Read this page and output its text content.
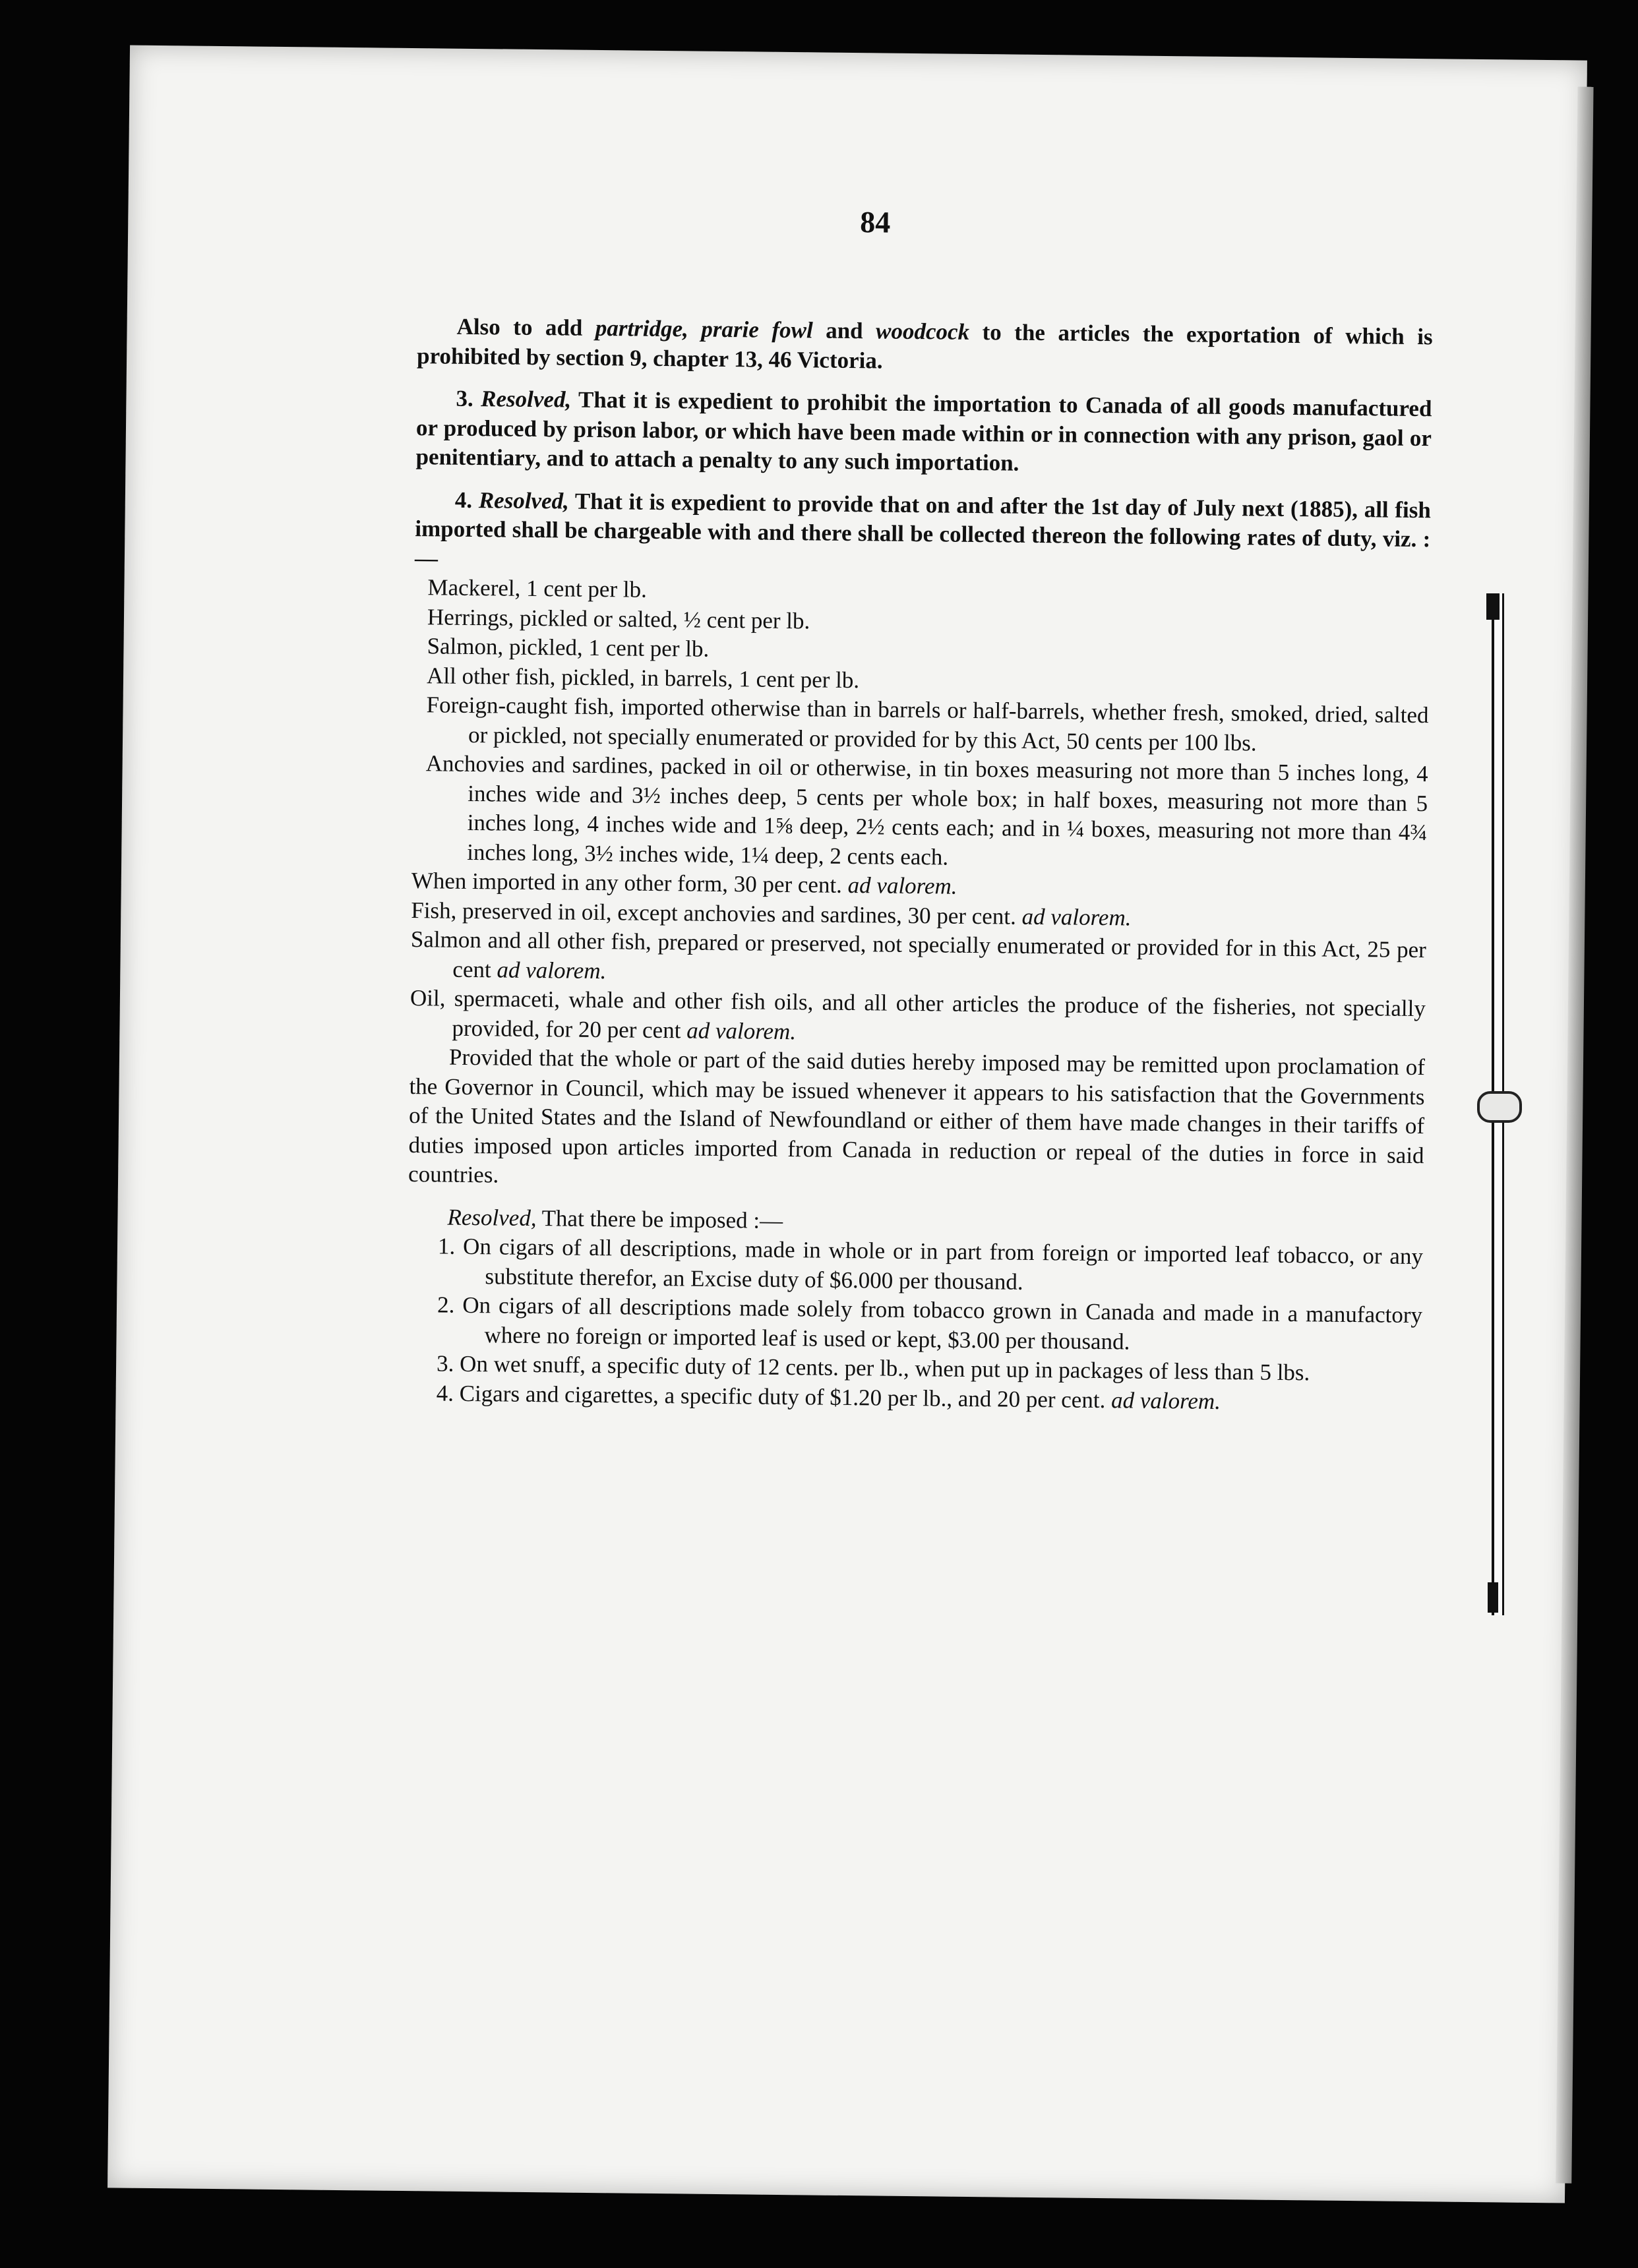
84

Also to add partridge, prarie fowl and woodcock to the articles the exportation of which is prohibited by section 9, chapter 13, 46 Victoria.

3. Resolved, That it is expedient to prohibit the importation to Canada of all goods manufactured or produced by prison labor, or which have been made within or in connection with any prison, gaol or penitentiary, and to attach a penalty to any such importation.

4. Resolved, That it is expedient to provide that on and after the 1st day of July next (1885), all fish imported shall be chargeable with and there shall be collected thereon the following rates of duty, viz. :—

Mackerel, 1 cent per lb.

Herrings, pickled or salted, ½ cent per lb.

Salmon, pickled, 1 cent per lb.

All other fish, pickled, in barrels, 1 cent per lb.

Foreign-caught fish, imported otherwise than in barrels or half-barrels, whether fresh, smoked, dried, salted or pickled, not specially enumerated or provided for by this Act, 50 cents per 100 lbs.

Anchovies and sardines, packed in oil or otherwise, in tin boxes measuring not more than 5 inches long, 4 inches wide and 3½ inches deep, 5 cents per whole box; in half boxes, measuring not more than 5 inches long, 4 inches wide and 1⅝ deep, 2½ cents each; and in ¼ boxes, measuring not more than 4¾ inches long, 3½ inches wide, 1¼ deep, 2 cents each.

When imported in any other form, 30 per cent. ad valorem.

Fish, preserved in oil, except anchovies and sardines, 30 per cent. ad valorem.

Salmon and all other fish, prepared or preserved, not specially enumerated or provided for in this Act, 25 per cent ad valorem.

Oil, spermaceti, whale and other fish oils, and all other articles the produce of the fisheries, not specially provided, for 20 per cent ad valorem.

Provided that the whole or part of the said duties hereby imposed may be remitted upon proclamation of the Governor in Council, which may be issued whenever it appears to his satisfaction that the Governments of the United States and the Island of Newfoundland or either of them have made changes in their tariffs of duties imposed upon articles imported from Canada in reduction or repeal of the duties in force in said countries.

Resolved, That there be imposed :—

1. On cigars of all descriptions, made in whole or in part from foreign or imported leaf tobacco, or any substitute therefor, an Excise duty of $6.000 per thousand.

2. On cigars of all descriptions made solely from tobacco grown in Canada and made in a manufactory where no foreign or imported leaf is used or kept, $3.00 per thousand.

3. On wet snuff, a specific duty of 12 cents. per lb., when put up in packages of less than 5 lbs.

4. Cigars and cigarettes, a specific duty of $1.20 per lb., and 20 per cent. ad valorem.
